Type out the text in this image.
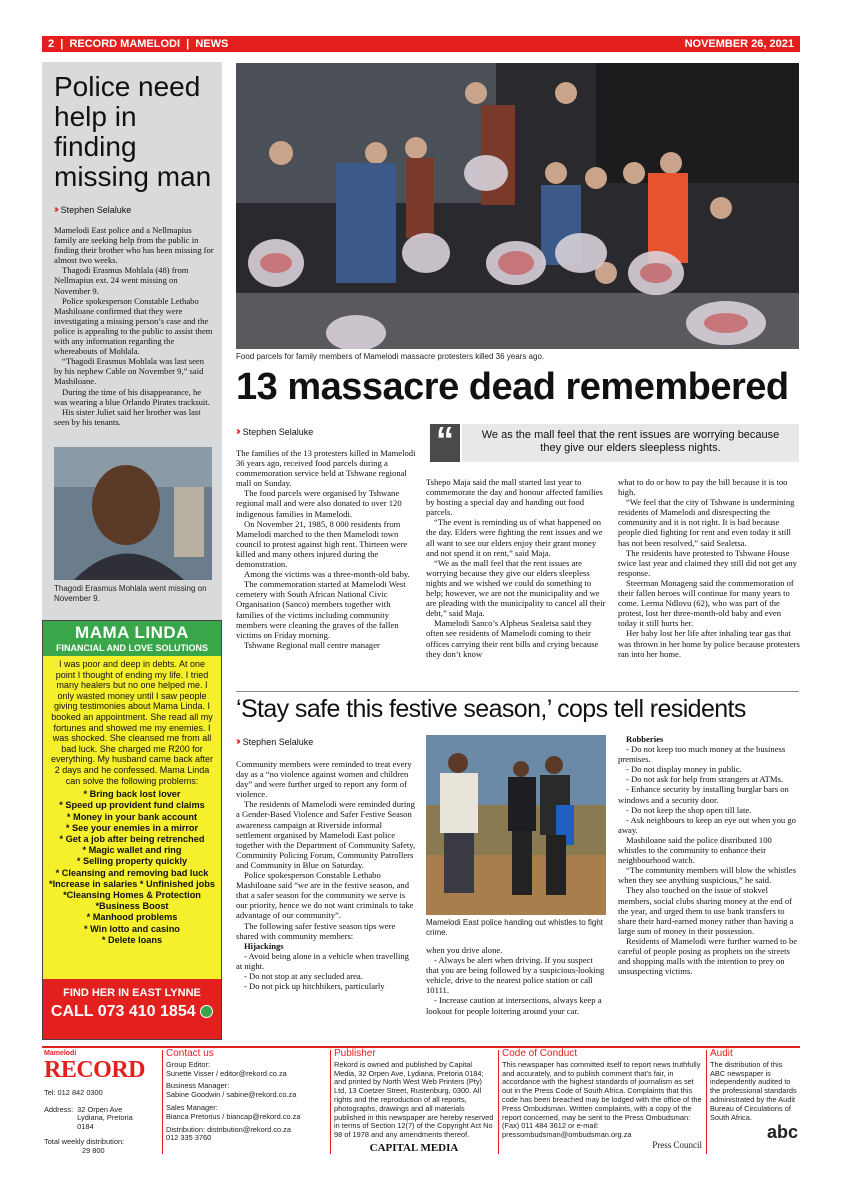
2  |  RECORD MAMELODI  |  NEWS	NOVEMBER 26, 2021
Police need help in finding missing man
›› Stephen Selaluke

Mamelodi East police and a Nellmapius family are seeking help from the public in finding their brother who has been missing for almost two weeks.

Thagodi Erasmus Mohlala (48) from Nellmapius ext. 24 went missing on November 9.

Police spokesperson Constable Lethabo Mashiloane confirmed that they were investigating a missing person’s case and the police is appealing to the public to assist them with any information regarding the whereabouts of Mohlala.

“Thagodi Erasmus Mohlala was last seen by his nephew Cable on November 9,” said Mashiloane.

During the time of his disappearance, he was wearing a blue Orlando Pirates tracksuit.

His sister Juliet said her brother was last seen by his tenants.

Thagodi Erasmus Mohlala went missing on November 9.
MAMA LINDA
FINANCIAL AND LOVE SOLUTIONS
I was poor and deep in debts. At one point I thought of ending my life. I tried many healers but no one helped me. I only wasted money until I saw people giving testimonies about Mama Linda. I booked an appointment. She read all my fortunes and showed me my enemies. I was shocked. She cleansed me from all bad luck. She charged me R200 for everything. My husband came back after 2 days and he confessed. Mama Linda can solve the following problems:
* Bring back lost lover
* Speed up provident fund claims
* Money in your bank account
* See your enemies in a mirror
* Get a job after being retrenched
* Magic wallet and ring
* Selling property quickly
* Cleansing and removing bad luck
*Increase in salaries * Unfinished jobs
*Cleansing Homes & Protection
*Business Boost
* Manhood problems
* Win lotto and casino
* Delete loans
FIND HER IN EAST LYNNE
CALL 073 410 1854
Food parcels for family members of Mamelodi massacre protesters killed 36 years ago.
13 massacre dead remembered
›› Stephen Selaluke	“	We as the mall feel that the rent issues are worrying because they give our elders sleepless nights.

The families of the 13 protesters killed in Mamelodi 36 years ago, received food parcels during a commemoration service held at Tshwane regional mall on Sunday.

The food parcels were organised by Tshwane regional mall and were also donated to over 120 indigenous families in Mamelodi.

On November 21, 1985, 8 000 residents from Mamelodi marched to the then Mamelodi town council to protest against high rent. Thirteen were killed and many others injured during the demonstration.

Among the victims was a three-month-old baby.

The commemoration started at Mamelodi West cemetery with South African National Civic Organisation (Sanco) members together with families of the victims including community members were cleaning the graves of the fallen victims on Friday morning.

Tshwane Regional mall centre manager

Tshepo Maja said the mall started last year to commemorate the day and honour affected families by hosting a special day and handing out food parcels.

“The event is reminding us of what happened on the day. Elders were fighting the rent issues and we all want to see our elders enjoy their grant money and not spend it on rent,” said Maja.

“We as the mall feel that the rent issues are worrying because they give our elders sleepless nights and we wished we could do something to help; however, we are not the municipality and we are pleading with the municipality to cancel all their debt,” said Maja.

Mamelodi Sanco’s Alpheus Sealetsa said they often see residents of Mamelodi coming to their offices carrying their rent bills and crying because they don’t know

what to do or how to pay the bill because it is too high.

“We feel that the city of Tshwane is undermining residents of Mamelodi and disrespecting the community and it is not right. It is bad because people died fighting for rent and even today it still has not been resolved,” said Sealetsa.

The residents have protested to Tshwane House twice last year and claimed they still did not get any response.

Steerman Monageng said the commemoration of their fallen heroes will continue for many years to come. Lerma Ndlovu (62), who was part of the protest, lost her three-month-old baby and even today it still hurts her.

Her baby lost her life after inhaling tear gas that was thrown in her home by police because protesters ran into her home.

‘Stay safe this festive season,’ cops tell residents
›› Stephen Selaluke

Community members were reminded to treat every day as a “no violence against women and children day” and were further urged to report any form of violence.

The residents of Mamelodi were reminded during a Gender-Based Violence and Safer Festive Season awareness campaign at Riverside informal settlement organised by Mamelodi East police together with the Department of Community Safety, Community Policing Forum, Community Patrollers and Community in Blue on Saturday.

Police spokesperson Constable Lethabo Mashiloane said “we are in the festive season, and that a safer season for the community we serve is our priority, hence we do not want criminals to take advantage of our community”.

The following safer festive season tips were shared with community members:

Hijackings

- Avoid being alone in a vehicle when travelling at night.

- Do not stop at any secluded area.

- Do not pick up hitchhikers, particularly

Mamelodi East police handing out whistles to fight crime.

when you drive alone.

- Always be alert when driving. If you suspect that you are being followed by a suspicious-looking vehicle, drive to the nearest police station or call 10111.

- Increase caution at intersections, always keep a lookout for people loitering around your car.

Robberies

- Do not keep too much money at the business premises.

- Do not display money in public.

- Do not ask for help from strangers at ATMs.

- Enhance security by installing burglar bars on windows and a security door.

- Do not keep the shop open till late.

- Ask neighbours to keep an eye out when you go away.

Mashiloane said the police distributed 100 whistles to the community to enhance their neighbourhood watch.

“The community members will blow the whistles when they see anything suspicious,” he said.

They also touched on the issue of stokvel members, social clubs sharing money at the end of the year, and urged them to use bank transfers to share their hard-earned money rather than having a large sum of money in their possession.

Residents of Mamelodi were further warned to be careful of people posing as prophets on the streets and shopping malls with the intention to prey on unsuspecting victims.

Mamelodi
RECORD
Tel: 012 842 0300
Address: 32 Orpen Ave Lydiana, Pretoria 0184
Total weekly distribution:
29 800
Contact us
Group Editor:
Sunette Visser / editor@rekord.co.za
Business Manager:
Sabine Goodwin / sabine@rekord.co.za
Sales Manager:
Bianca Pretorius / biancap@rekord.co.za
Distribution: distribution@rekord.co.za
012 335 3760
Publisher
Rekord is owned and published by Capital Media, 32 Orpen Ave, Lydiana, Pretoria 0184; and printed by North West Web Printers (Pty) Ltd, 13 Coetzer Street, Rustenburg, 0300. All rights and the reproduction of all reports, photographs, drawings and all materials published in this newspaper are hereby reserved in terms of Section 12(7) of the Copyright Act No 98 of 1978 and any amendments thereof.
CAPITAL MEDIA
Code of Conduct
This newspaper has committed itself to report news truthfully and accurately, and to publish comment that’s fair, in accordance with the highest standards of journalism as set out in the Press Code of South Africa. Complaints that this code has been breached may be lodged with the office of the Press Ombudsman. Written complaints, with a copy of the report concerned, may be sent to the Press Ombudsman: (Fax) 011 484 3612 or e-mail: pressombudsman@ombudsman.org.za
Press Council
Audit
The distribution of this ABC newspaper is independently audited to the professional standards administrated by the Audit Bureau of Circulations of South Africa.
abc
